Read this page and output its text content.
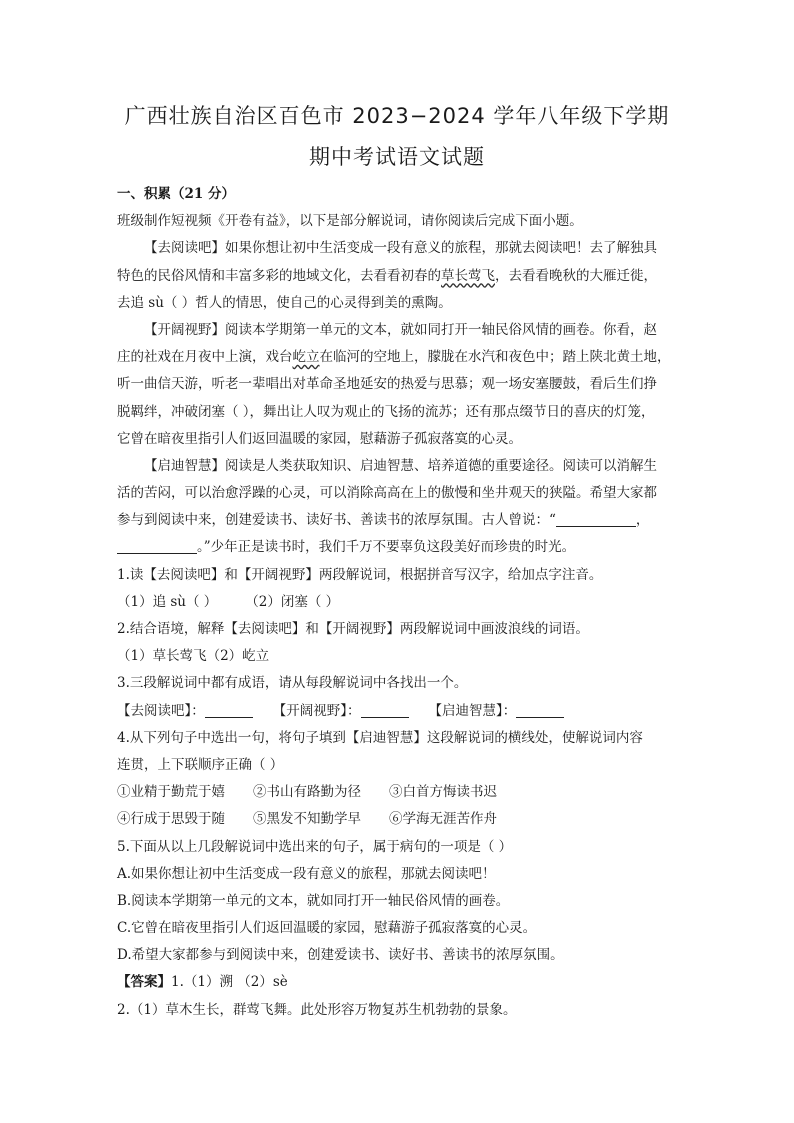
广西壮族自治区百色市 2023−2024 学年八年级下学期
期中考试语文试题
一、积累（21 分）
班级制作短视频《开卷有益》，以下是部分解说词，请你阅读后完成下面小题。
【去阅读吧】如果你想让初中生活变成一段有意义的旅程，那就去阅读吧！去了解独具
特色的民俗风情和丰富多彩的地域文化，去看看初春的草长莺飞，去看看晚秋的大雁迁徙，
去追 sù（ ）哲人的情思，使自己的心灵得到美的熏陶。
【开阔视野】阅读本学期第一单元的文本，就如同打开一轴民俗风情的画卷。你看，赵
庄的社戏在月夜中上演，戏台屹立在临河的空地上，朦胧在水汽和夜色中；踏上陕北黄土地，
听一曲信天游，听老一辈唱出对革命圣地延安的热爱与思慕；观一场安塞腰鼓，看后生们挣
脱羁绊，冲破闭塞（ ），舞出让人叹为观止的飞扬的流苏；还有那点缀节日的喜庆的灯笼，
它曾在暗夜里指引人们返回温暖的家园，慰藉游子孤寂落寞的心灵。
【启迪智慧】阅读是人类获取知识、启迪智慧、培养道德的重要途径。阅读可以消解生
活的苦闷，可以治愈浮躁的心灵，可以消除高高在上的傲慢和坐井观天的狭隘。希望大家都
参与到阅读中来，创建爱读书、读好书、善读书的浓厚氛围。古人曾说：“	，
。”少年正是读书时，我们千万不要辜负这段美好而珍贵的时光。
1.读【去阅读吧】和【开阔视野】两段解说词，根据拼音写汉字，给加点字注音。
（1）追 sù（ ） （2）闭塞（ ）
2.结合语境，解释【去阅读吧】和【开阔视野】两段解说词中画波浪线的词语。
（1）草长莺飞（2）屹立
3.三段解说词中都有成语，请从每段解说词中各找出一个。
【去阅读吧】：	【开阔视野】：	【启迪智慧】：
4.从下列句子中选出一句，将句子填到【启迪智慧】这段解说词的横线处，使解说词内容
连贯，上下联顺序正确（ ）
①业精于勤荒于嬉 ②书山有路勤为径 ③白首方悔读书迟
④行成于思毁于随 ⑤黑发不知勤学早 ⑥学海无涯苦作舟
5.下面从以上几段解说词中选出来的句子，属于病句的一项是（ ）
A.如果你想让初中生活变成一段有意义的旅程，那就去阅读吧！
B.阅读本学期第一单元的文本，就如同打开一轴民俗风情的画卷。
C.它曾在暗夜里指引人们返回温暖的家园，慰藉游子孤寂落寞的心灵。
D.希望大家都参与到阅读中来，创建爱读书、读好书、善读书的浓厚氛围。
【答案】1.（1）溯 （2）sè
2.（1）草木生长，群莺飞舞。此处形容万物复苏生机勃勃的景象。
